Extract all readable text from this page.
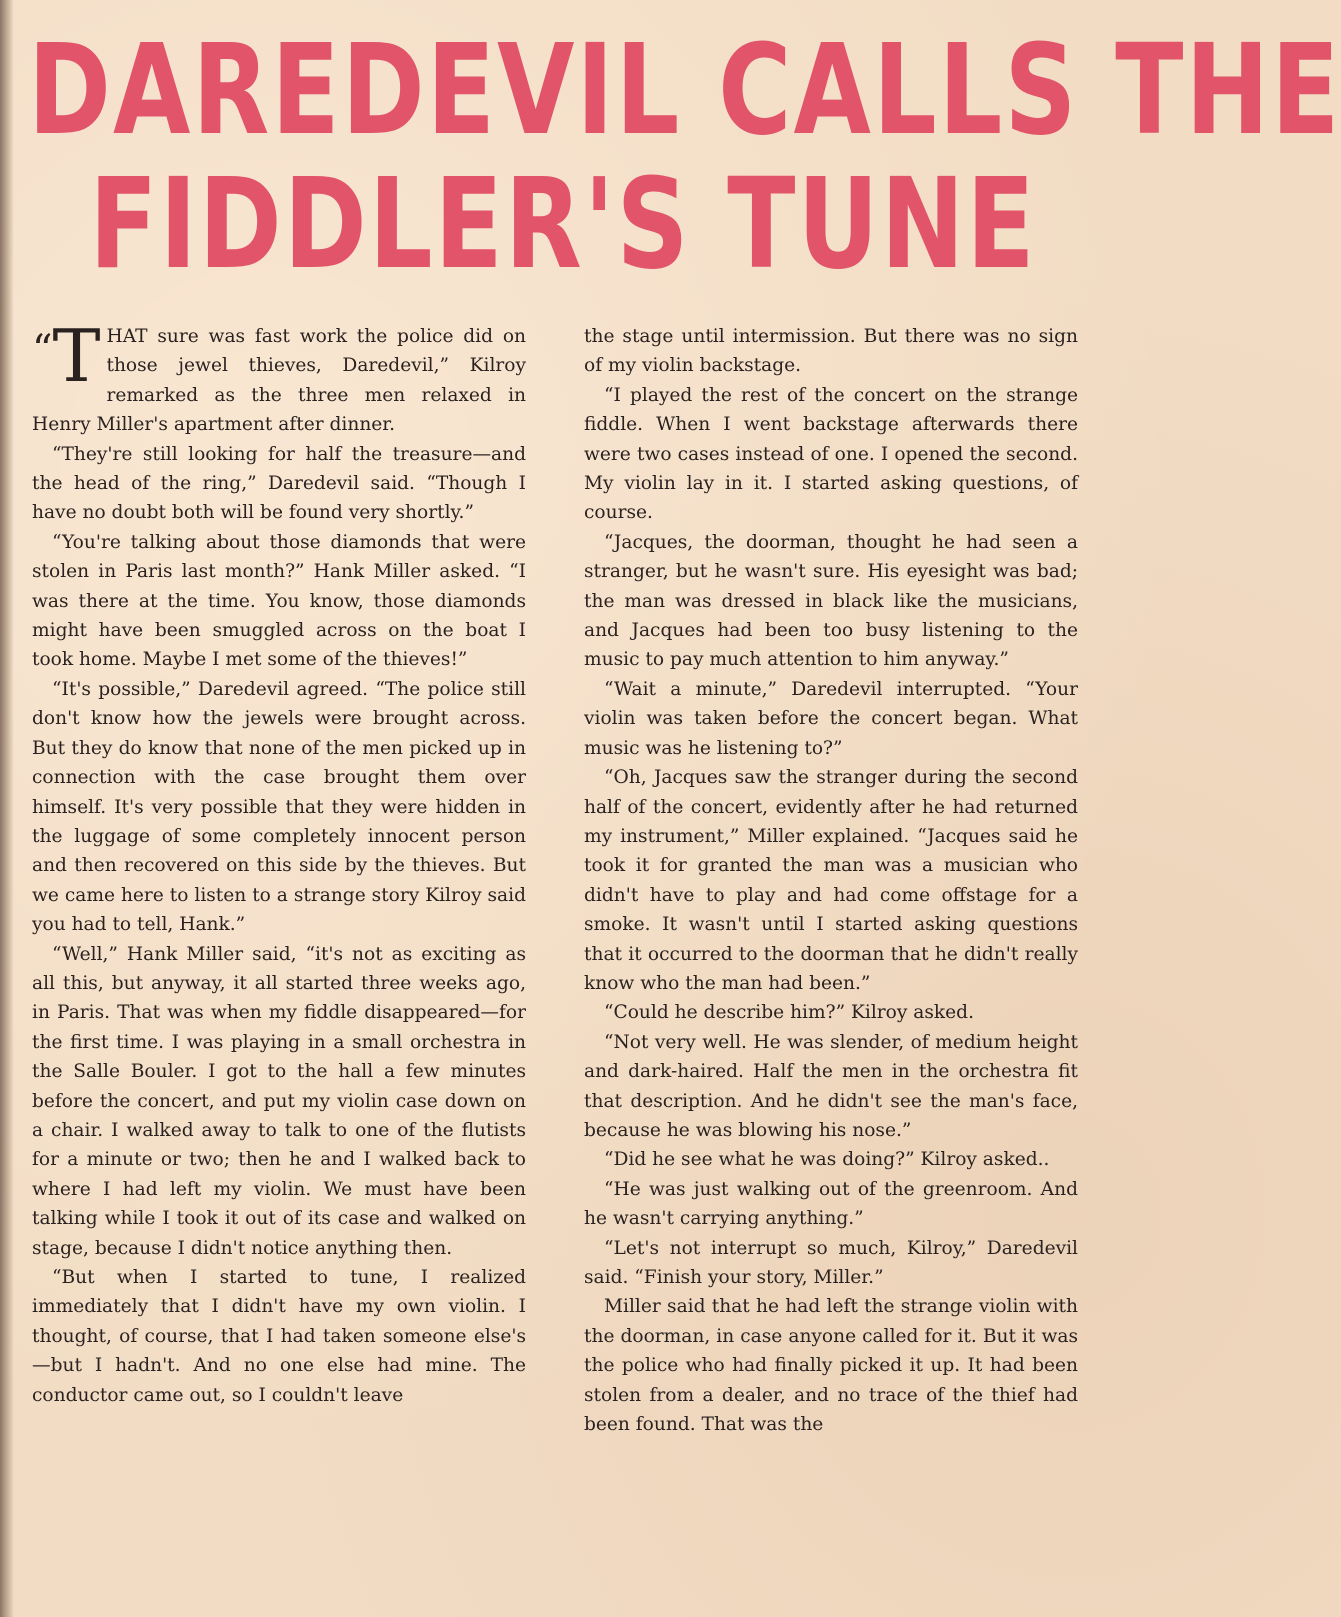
DAREDEVIL CALLS THE
FIDDLER'S TUNE

“T HAT sure was fast work the police did on those jewel thieves, Daredevil,” Kilroy remarked as the three men relaxed in Henry Miller's apartment after dinner.

“They're still looking for half the treasure—and the head of the ring,” Daredevil said. “Though I have no doubt both will be found very shortly.”

“You're talking about those diamonds that were stolen in Paris last month?” Hank Miller asked. “I was there at the time. You know, those diamonds might have been smuggled across on the boat I took home. Maybe I met some of the thieves!”

“It's possible,” Daredevil agreed. “The police still don't know how the jewels were brought across. But they do know that none of the men picked up in connection with the case brought them over himself. It's very possible that they were hidden in the luggage of some completely innocent person and then recovered on this side by the thieves. But we came here to listen to a strange story Kilroy said you had to tell, Hank.”

“Well,” Hank Miller said, “it's not as exciting as all this, but anyway, it all started three weeks ago, in Paris. That was when my fiddle disappeared—for the first time. I was playing in a small orchestra in the Salle Bouler. I got to the hall a few minutes before the concert, and put my violin case down on a chair. I walked away to talk to one of the flutists for a minute or two; then he and I walked back to where I had left my violin. We must have been talking while I took it out of its case and walked on stage, because I didn't notice anything then.

“But when I started to tune, I realized immediately that I didn't have my own violin. I thought, of course, that I had taken someone else's—but I hadn't. And no one else had mine. The conductor came out, so I couldn't leave

the stage until intermission. But there was no sign of my violin backstage.

“I played the rest of the concert on the strange fiddle. When I went backstage afterwards there were two cases instead of one. I opened the second. My violin lay in it. I started asking questions, of course.

“Jacques, the doorman, thought he had seen a stranger, but he wasn't sure. His eyesight was bad; the man was dressed in black like the musicians, and Jacques had been too busy listening to the music to pay much attention to him anyway.”

“Wait a minute,” Daredevil interrupted. “Your violin was taken before the concert began. What music was he listening to?”

“Oh, Jacques saw the stranger during the second half of the concert, evidently after he had returned my instrument,” Miller explained. “Jacques said he took it for granted the man was a musician who didn't have to play and had come offstage for a smoke. It wasn't until I started asking questions that it occurred to the doorman that he didn't really know who the man had been.”

“Could he describe him?” Kilroy asked.

“Not very well. He was slender, of medium height and dark-haired. Half the men in the orchestra fit that description. And he didn't see the man's face, because he was blowing his nose.”

“Did he see what he was doing?” Kilroy asked..

“He was just walking out of the greenroom. And he wasn't carrying anything.”

“Let's not interrupt so much, Kilroy,” Daredevil said. “Finish your story, Miller.”

Miller said that he had left the strange violin with the doorman, in case anyone called for it. But it was the police who had finally picked it up. It had been stolen from a dealer, and no trace of the thief had been found. That was the
